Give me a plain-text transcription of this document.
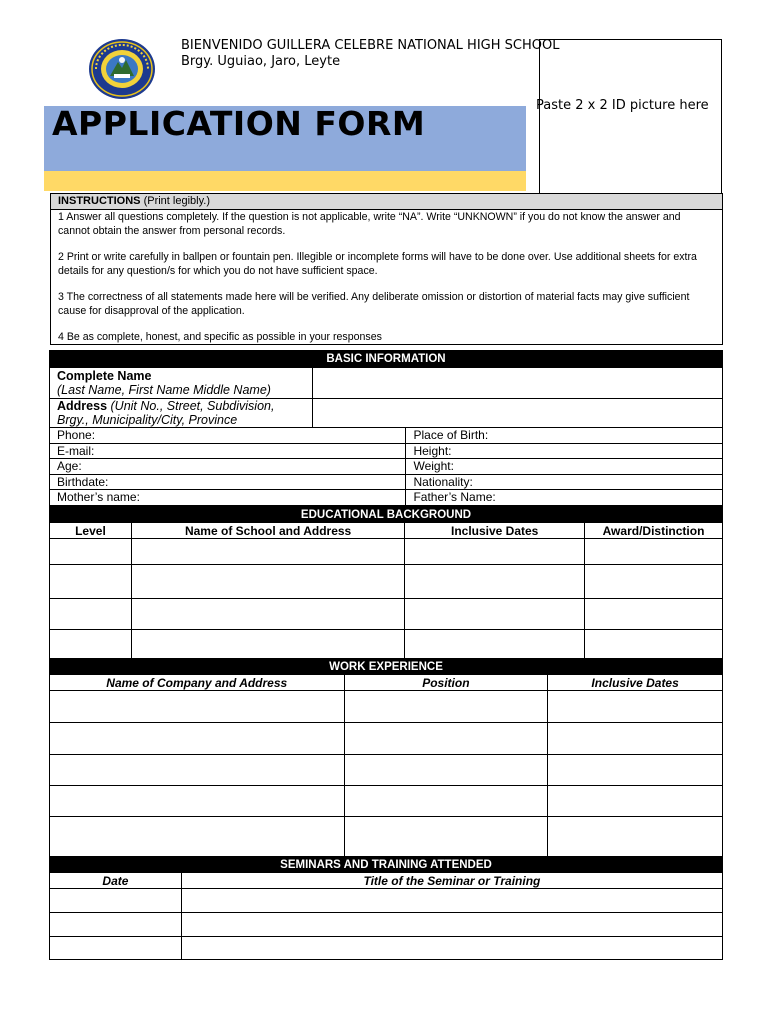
BIENVENIDO GUILLERA CELEBRE NATIONAL HIGH SCHOOL
Brgy. Uguiao, Jaro, Leyte
Paste 2 x 2 ID picture here
APPLICATION FORM
INSTRUCTIONS (Print legibly.)
1 Answer all questions completely. If the question is not applicable, write “NA”. Write “UNKNOWN” if you do not know the answer and cannot obtain the answer from personal records.
2 Print or write carefully in ballpen or fountain pen. Illegible or incomplete forms will have to be done over. Use additional sheets for extra details for any question/s for which you do not have sufficient space.
3 The correctness of all statements made here will be verified. Any deliberate omission or distortion of material facts may give sufficient cause for disapproval of the application.
4 Be as complete, honest, and specific as possible in your responses
BASIC INFORMATION		
Complete Name
(Last Name, First Name Middle Name)		
Address (Unit No., Street, Subdivision,
Brgy., Municipality/City, Province		
Phone:		Place of Birth:
E-mail:		Height:
Age:		Weight:
Birthdate:		Nationality:
Mother’s name:		Father’s Name:
EDUCATIONAL BACKGROUND			
Level	Name of School and Address	Inclusive Dates	Award/Distinction

WORK EXPERIENCE		
Name of Company and Address	Position	Inclusive Dates

SEMINARS AND TRAINING ATTENDED	
Date	Title of the Seminar or Training
